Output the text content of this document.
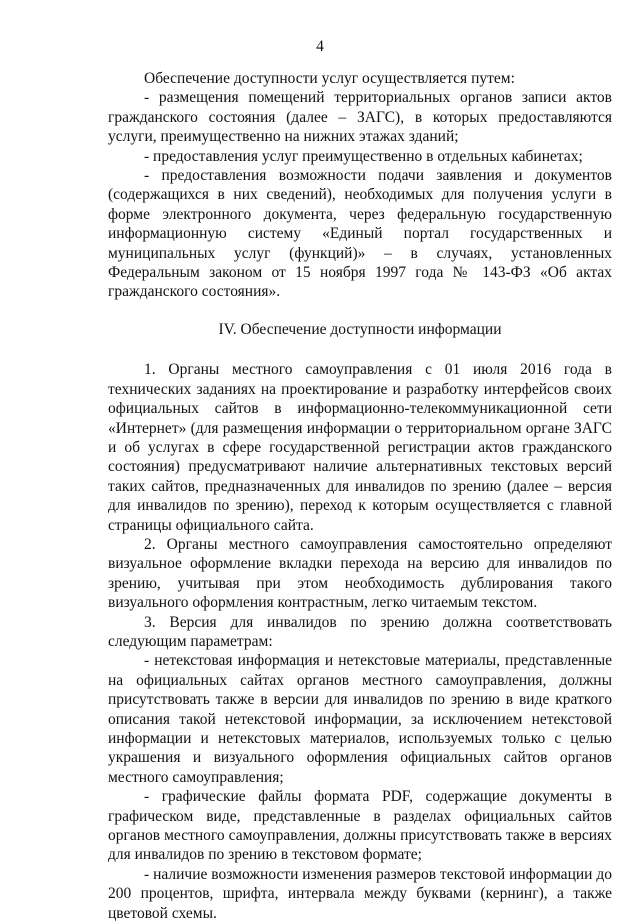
4

Обеспечение доступности услуг осуществляется путем:

- размещения помещений территориальных органов записи актов гражданского состояния (далее – ЗАГС), в которых предоставляются услуги, преимущественно на нижних этажах зданий;

- предоставления услуг преимущественно в отдельных кабинетах;

- предоставления возможности подачи заявления и документов (содержащихся в них сведений), необходимых для получения услуги в форме электронного документа, через федеральную государственную информационную систему «Единый портал государственных и муниципальных услуг (функций)» – в случаях, установленных Федеральным законом от 15 ноября 1997 года № 143-ФЗ «Об актах гражданского состояния».

IV. Обеспечение доступности информации

1. Органы местного самоуправления с 01 июля 2016 года в технических заданиях на проектирование и разработку интерфейсов своих официальных сайтов в информационно-телекоммуникационной сети «Интернет» (для размещения информации о территориальном органе ЗАГС и об услугах в сфере государственной регистрации актов гражданского состояния) предусматривают наличие альтернативных текстовых версий таких сайтов, предназначенных для инвалидов по зрению (далее – версия для инвалидов по зрению), переход к которым осуществляется с главной страницы официального сайта.

2. Органы местного самоуправления самостоятельно определяют визуальное оформление вкладки перехода на версию для инвалидов по зрению, учитывая при этом необходимость дублирования такого визуального оформления контрастным, легко читаемым текстом.

3. Версия для инвалидов по зрению должна соответствовать следующим параметрам:

- нетекстовая информация и нетекстовые материалы, представленные на официальных сайтах органов местного самоуправления, должны присутствовать также в версии для инвалидов по зрению в виде краткого описания такой нетекстовой информации, за исключением нетекстовой информации и нетекстовых материалов, используемых только с целью украшения и визуального оформления официальных сайтов органов местного самоуправления;

- графические файлы формата PDF, содержащие документы в графическом виде, представленные в разделах официальных сайтов органов местного самоуправления, должны присутствовать также в версиях для инвалидов по зрению в текстовом формате;

- наличие возможности изменения размеров текстовой информации до 200 процентов, шрифта, интервала между буквами (кернинг), а также цветовой схемы.
